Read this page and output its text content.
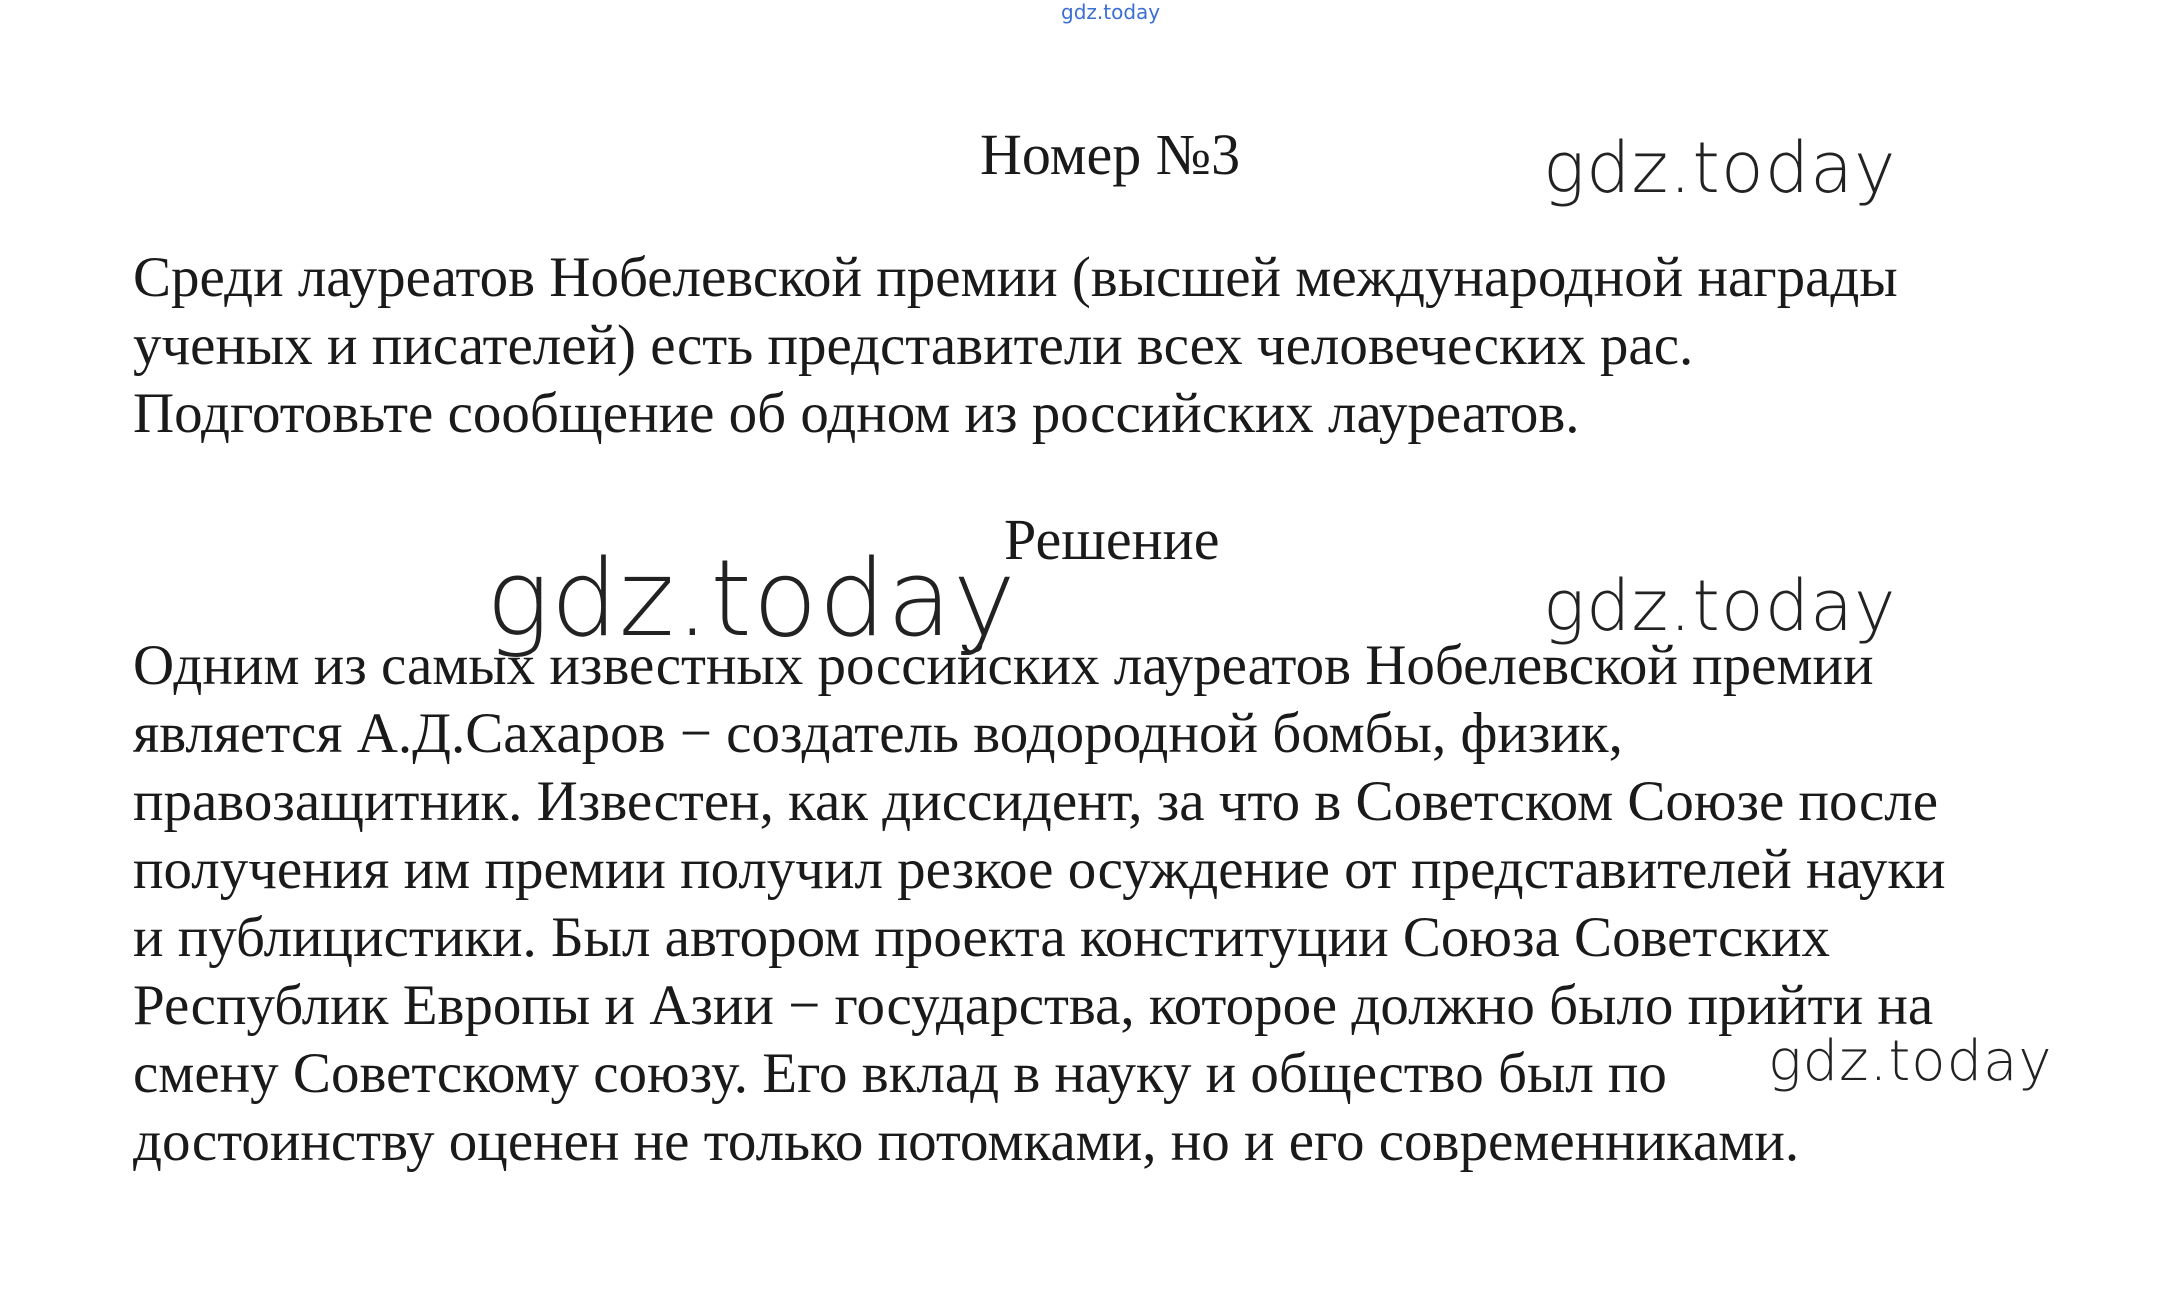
gdz.today
Номер №3	gdz.today
Среди лауреатов Нобелевской премии (высшей международной награды
ученых и писателей) есть представители всех человеческих рас.
Подготовьте сообщение об одном из российских лауреатов.
Решение
Одним из самых известных российских лауреатов Нобелевской премии
является А.Д.Сахаров − создатель водородной бомбы, физик,
правозащитник. Известен, как диссидент, за что в Советском Союзе после
получения им премии получил резкое осуждение от представителей науки
и публицистики. Был автором проекта конституции Союза Советских
Республик Европы и Азии − государства, которое должно было прийти на
смену Советскому союзу. Его вклад в науку и общество был по
достоинству оценен не только потомками, но и его современниками.
gdz.today	gdz.today
gdz.today
